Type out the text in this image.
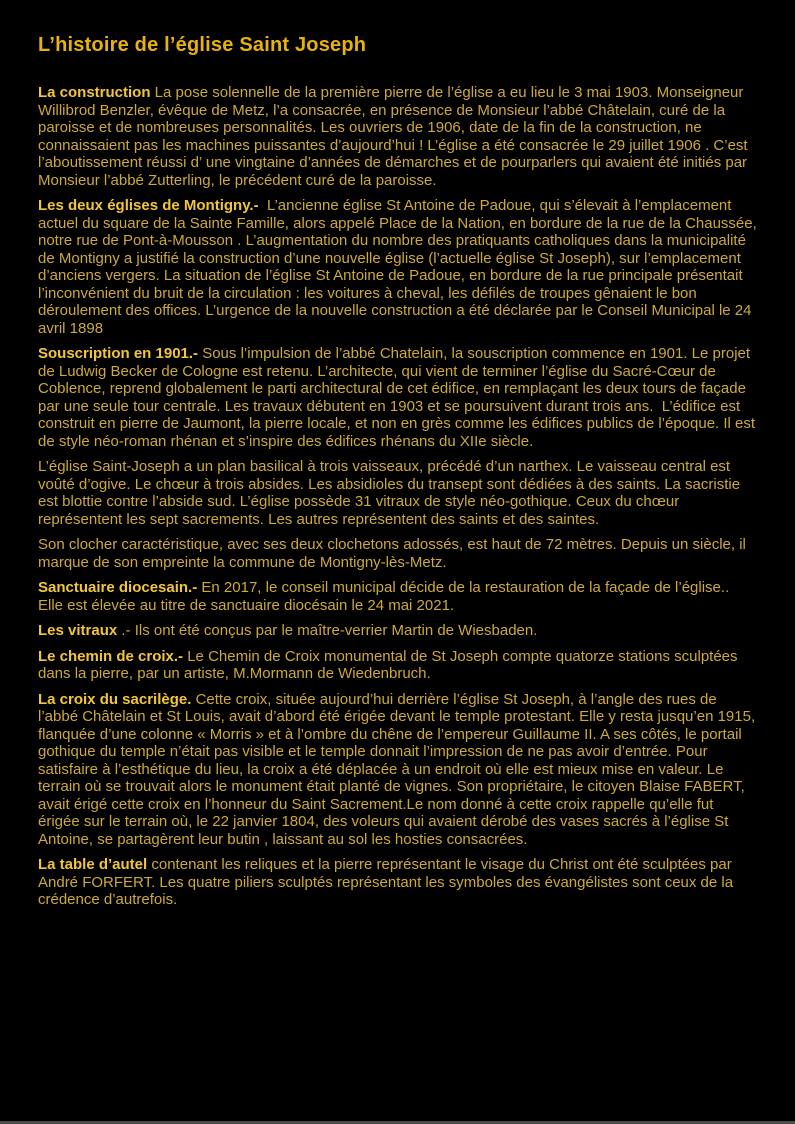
L’histoire de l’église Saint Joseph

La construction La pose solennelle de la première pierre de l’église a eu lieu le 3 mai 1903. Monseigneur Willibrod Benzler, évêque de Metz, l’a consacrée, en présence de Monsieur l’abbé Châtelain, curé de la paroisse et de nombreuses personnalités. Les ouvriers de 1906, date de la fin de la construction, ne connaissaient pas les machines puissantes d’aujourd’hui ! L’église a été consacrée le 29 juillet 1906 . C’est l’aboutissement réussi d’ une vingtaine d’années de démarches et de pourparlers qui avaient été initiés par Monsieur l’abbé Zutterling, le précédent curé de la paroisse.

Les deux églises de Montigny.-  L’ancienne église St Antoine de Padoue, qui s’élevait à l’emplacement actuel du square de la Sainte Famille, alors appelé Place de la Nation, en bordure de la rue de la Chaussée, notre rue de Pont-à-Mousson . L’augmentation du nombre des pratiquants catholiques dans la municipalité de Montigny a justifié la construction d’une nouvelle église (l’actuelle église St Joseph), sur l’emplacement d’anciens vergers. La situation de l’église St Antoine de Padoue, en bordure de la rue principale présentait l’inconvénient du bruit de la circulation : les voitures à cheval, les défilés de troupes gênaient le bon déroulement des offices. L’urgence de la nouvelle construction a été déclarée par le Conseil Municipal le 24 avril 1898

Souscription en 1901.- Sous l’impulsion de l’abbé Chatelain, la souscription commence en 1901. Le projet de Ludwig Becker de Cologne est retenu. L’architecte, qui vient de terminer l’église du Sacré-Cœur de Coblence, reprend globalement le parti architectural de cet édifice, en remplaçant les deux tours de façade par une seule tour centrale. Les travaux débutent en 1903 et se poursuivent durant trois ans.  L’édifice est construit en pierre de Jaumont, la pierre locale, et non en grès comme les édifices publics de l’époque. Il est de style néo-roman rhénan et s’inspire des édifices rhénans du XIIe siècle.

L’église Saint-Joseph a un plan basilical à trois vaisseaux, précédé d’un narthex. Le vaisseau central est voûté d’ogive. Le chœur à trois absides. Les absidioles du transept sont dédiées à des saints. La sacristie est blottie contre l’abside sud. L’église possède 31 vitraux de style néo-gothique. Ceux du chœur représentent les sept sacrements. Les autres représentent des saints et des saintes.

Son clocher caractéristique, avec ses deux clochetons adossés, est haut de 72 mètres. Depuis un siècle, il marque de son empreinte la commune de Montigny-lès-Metz.

Sanctuaire diocesain.- En 2017, le conseil municipal décide de la restauration de la façade de l’église.. Elle est élevée au titre de sanctuaire diocésain le 24 mai 2021.

Les vitraux .- Ils ont été conçus par le maître-verrier Martin de Wiesbaden.

Le chemin de croix.- Le Chemin de Croix monumental de St Joseph compte quatorze stations sculptées dans la pierre, par un artiste, M.Mormann de Wiedenbruch.

La croix du sacrilège. Cette croix, située aujourd’hui derrière l’église St Joseph, à l’angle des rues de l’abbé Châtelain et St Louis, avait d’abord été érigée devant le temple protestant. Elle y resta jusqu’en 1915, flanquée d’une colonne « Morris » et à l’ombre du chêne de l’empereur Guillaume II. A ses côtés, le portail gothique du temple n’était pas visible et le temple donnait l’impression de ne pas avoir d’entrée. Pour satisfaire à l’esthétique du lieu, la croix a été déplacée à un endroit où elle est mieux mise en valeur. Le terrain où se trouvait alors le monument était planté de vignes. Son propriétaire, le citoyen Blaise FABERT, avait érigé cette croix en l’honneur du Saint Sacrement.Le nom donné à cette croix rappelle qu’elle fut érigée sur le terrain où, le 22 janvier 1804, des voleurs qui avaient dérobé des vases sacrés à l’église St Antoine, se partagèrent leur butin , laissant au sol les hosties consacrées.

La table d’autel contenant les reliques et la pierre représentant le visage du Christ ont été sculptées par André FORFERT. Les quatre piliers sculptés représentant les symboles des évangélistes sont ceux de la crédence d’autrefois.
